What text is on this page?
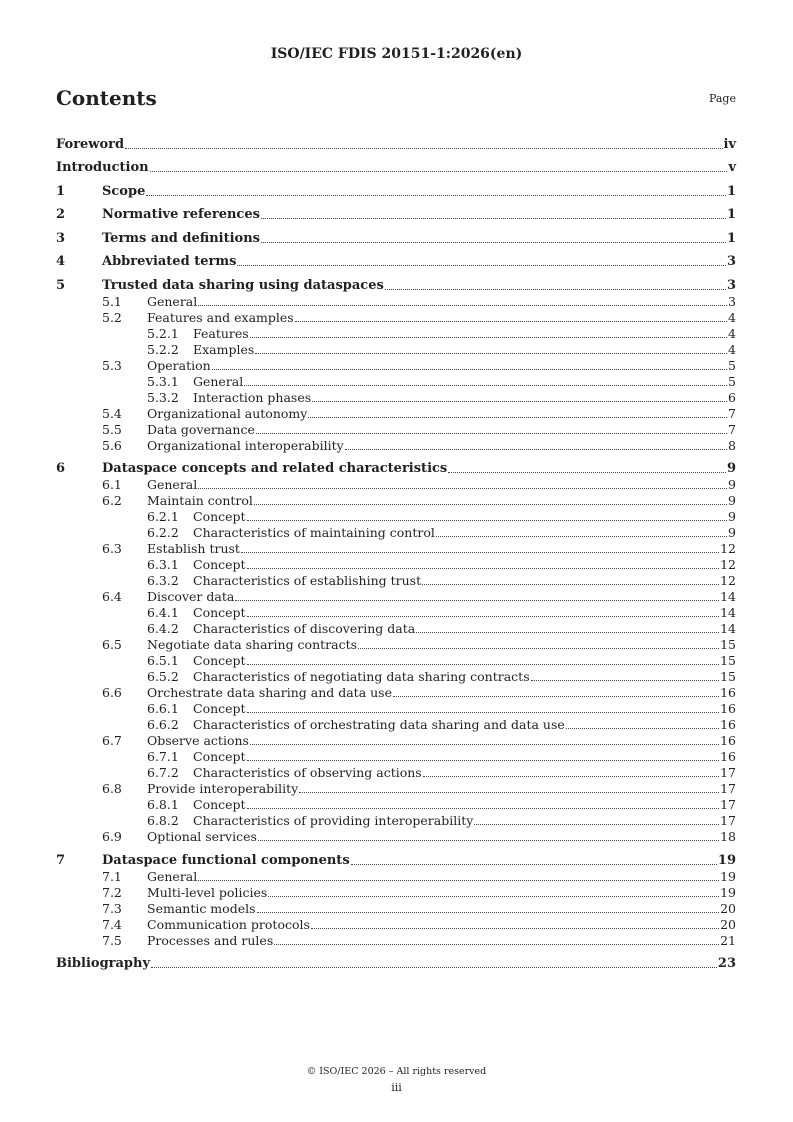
ISO/IEC FDIS 20151-1:2026(en)
Contents	Page
Foreword	iv
Introduction	v
1	Scope	1
2	Normative references	1
3	Terms and definitions	1
4	Abbreviated terms	3
5	Trusted data sharing using dataspaces	3
5.1	General	3
5.2	Features and examples	4
5.2.1	Features	4
5.2.2	Examples	4
5.3	Operation	5
5.3.1	General	5
5.3.2	Interaction phases	6
5.4	Organizational autonomy	7
5.5	Data governance	7
5.6	Organizational interoperability	8
6	Dataspace concepts and related characteristics	9
6.1	General	9
6.2	Maintain control	9
6.2.1	Concept	9
6.2.2	Characteristics of maintaining control	9
6.3	Establish trust	12
6.3.1	Concept	12
6.3.2	Characteristics of establishing trust	12
6.4	Discover data	14
6.4.1	Concept	14
6.4.2	Characteristics of discovering data	14
6.5	Negotiate data sharing contracts	15
6.5.1	Concept	15
6.5.2	Characteristics of negotiating data sharing contracts	15
6.6	Orchestrate data sharing and data use	16
6.6.1	Concept	16
6.6.2	Characteristics of orchestrating data sharing and data use	16
6.7	Observe actions	16
6.7.1	Concept	16
6.7.2	Characteristics of observing actions	17
6.8	Provide interoperability	17
6.8.1	Concept	17
6.8.2	Characteristics of providing interoperability	17
6.9	Optional services	18
7	Dataspace functional components	19
7.1	General	19
7.2	Multi-level policies	19
7.3	Semantic models	20
7.4	Communication protocols	20
7.5	Processes and rules	21
Bibliography	23
© ISO/IEC 2026 – All rights reserved
iii
